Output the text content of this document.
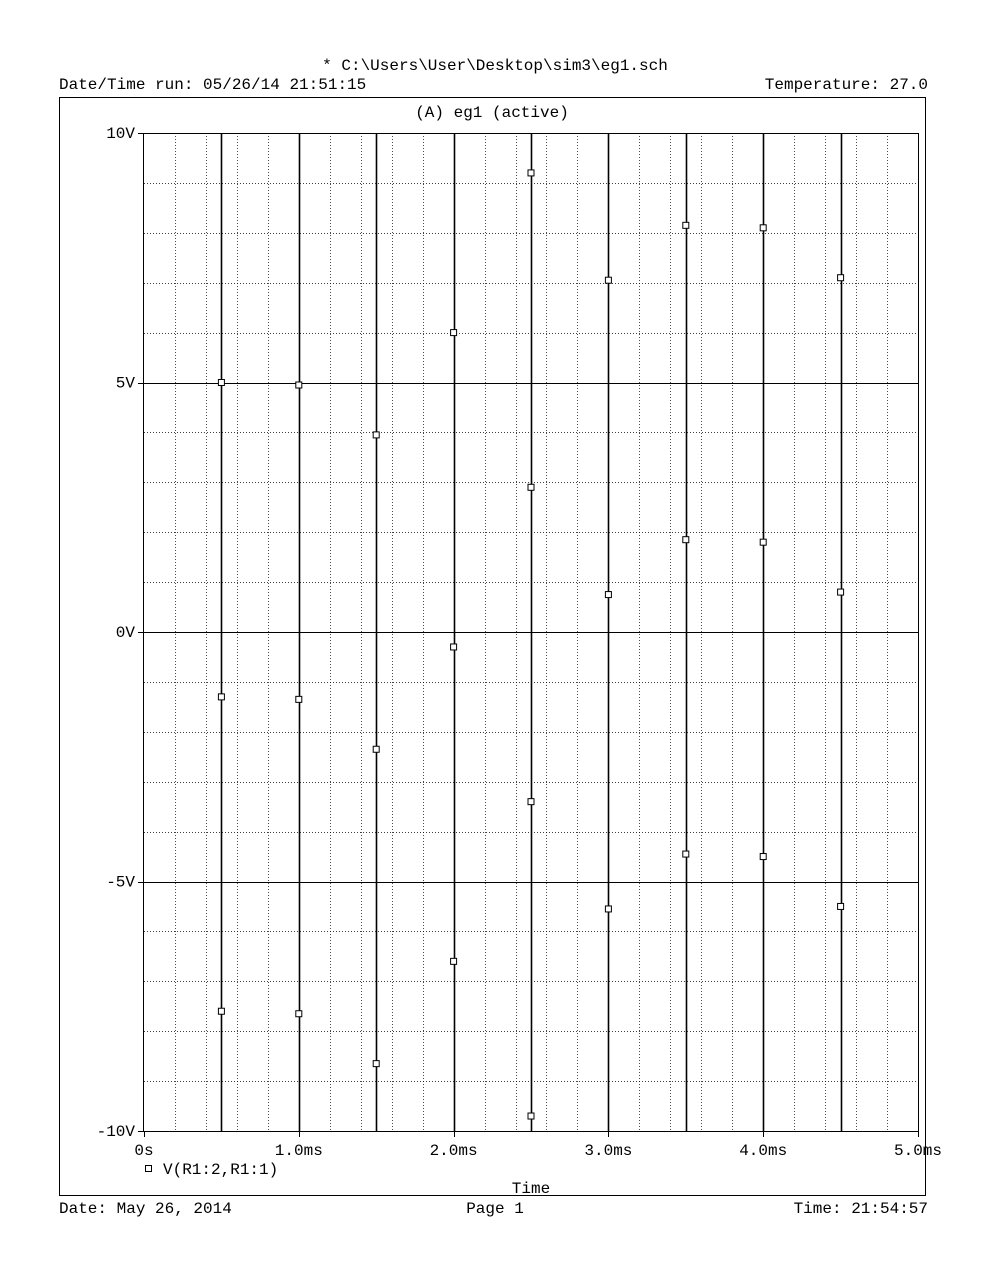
* C:\Users\User\Desktop\sim3\eg1.sch
Date/Time run: 05/26/14 21:51:15	Temperature: 27.0
(A) eg1 (active)
10V
5V
0V
-5V
-10V
0s	1.0ms	2.0ms	3.0ms	4.0ms	5.0ms
V(R1:2,R1:1)
Time
Date: May 26, 2014	Page 1	Time: 21:54:57
